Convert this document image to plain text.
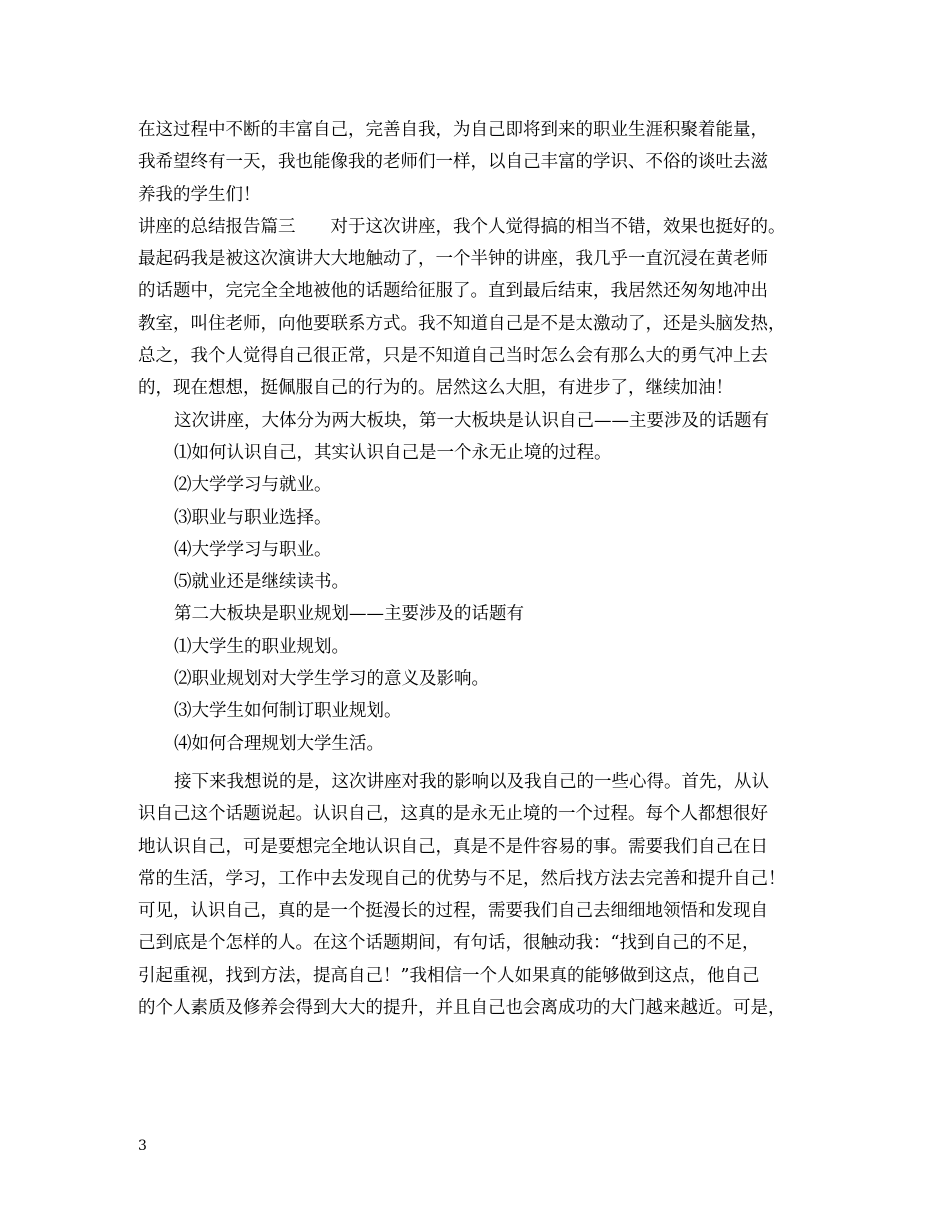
在这过程中不断的丰富自己，完善自我，为自己即将到来的职业生涯积聚着能量，
我希望终有一天，我也能像我的老师们一样，以自己丰富的学识、不俗的谈吐去滋
养我的学生们！
讲座的总结报告篇三　　对于这次讲座，我个人觉得搞的相当不错，效果也挺好的。
最起码我是被这次演讲大大地触动了，一个半钟的讲座，我几乎一直沉浸在黄老师
的话题中，完完全全地被他的话题给征服了。直到最后结束，我居然还匆匆地冲出
教室，叫住老师，向他要联系方式。我不知道自己是不是太激动了，还是头脑发热，
总之，我个人觉得自己很正常，只是不知道自己当时怎么会有那么大的勇气冲上去
的，现在想想，挺佩服自己的行为的。居然这么大胆，有进步了，继续加油！
这次讲座，大体分为两大板块，第一大板块是认识自己——主要涉及的话题有
⑴如何认识自己，其实认识自己是一个永无止境的过程。
⑵大学学习与就业。
⑶职业与职业选择。
⑷大学学习与职业。
⑸就业还是继续读书。
第二大板块是职业规划——主要涉及的话题有
⑴大学生的职业规划。
⑵职业规划对大学生学习的意义及影响。
⑶大学生如何制订职业规划。
⑷如何合理规划大学生活。
接下来我想说的是，这次讲座对我的影响以及我自己的一些心得。首先，从认
识自己这个话题说起。认识自己，这真的是永无止境的一个过程。每个人都想很好
地认识自己，可是要想完全地认识自己，真是不是件容易的事。需要我们自己在日
常的生活，学习，工作中去发现自己的优势与不足，然后找方法去完善和提升自己！
可见，认识自己，真的是一个挺漫长的过程，需要我们自己去细细地领悟和发现自
己到底是个怎样的人。在这个话题期间，有句话，很触动我：“找到自己的不足，
引起重视，找到方法，提高自己！”我相信一个人如果真的能够做到这点，他自己
的个人素质及修养会得到大大的提升，并且自己也会离成功的大门越来越近。可是，
3
